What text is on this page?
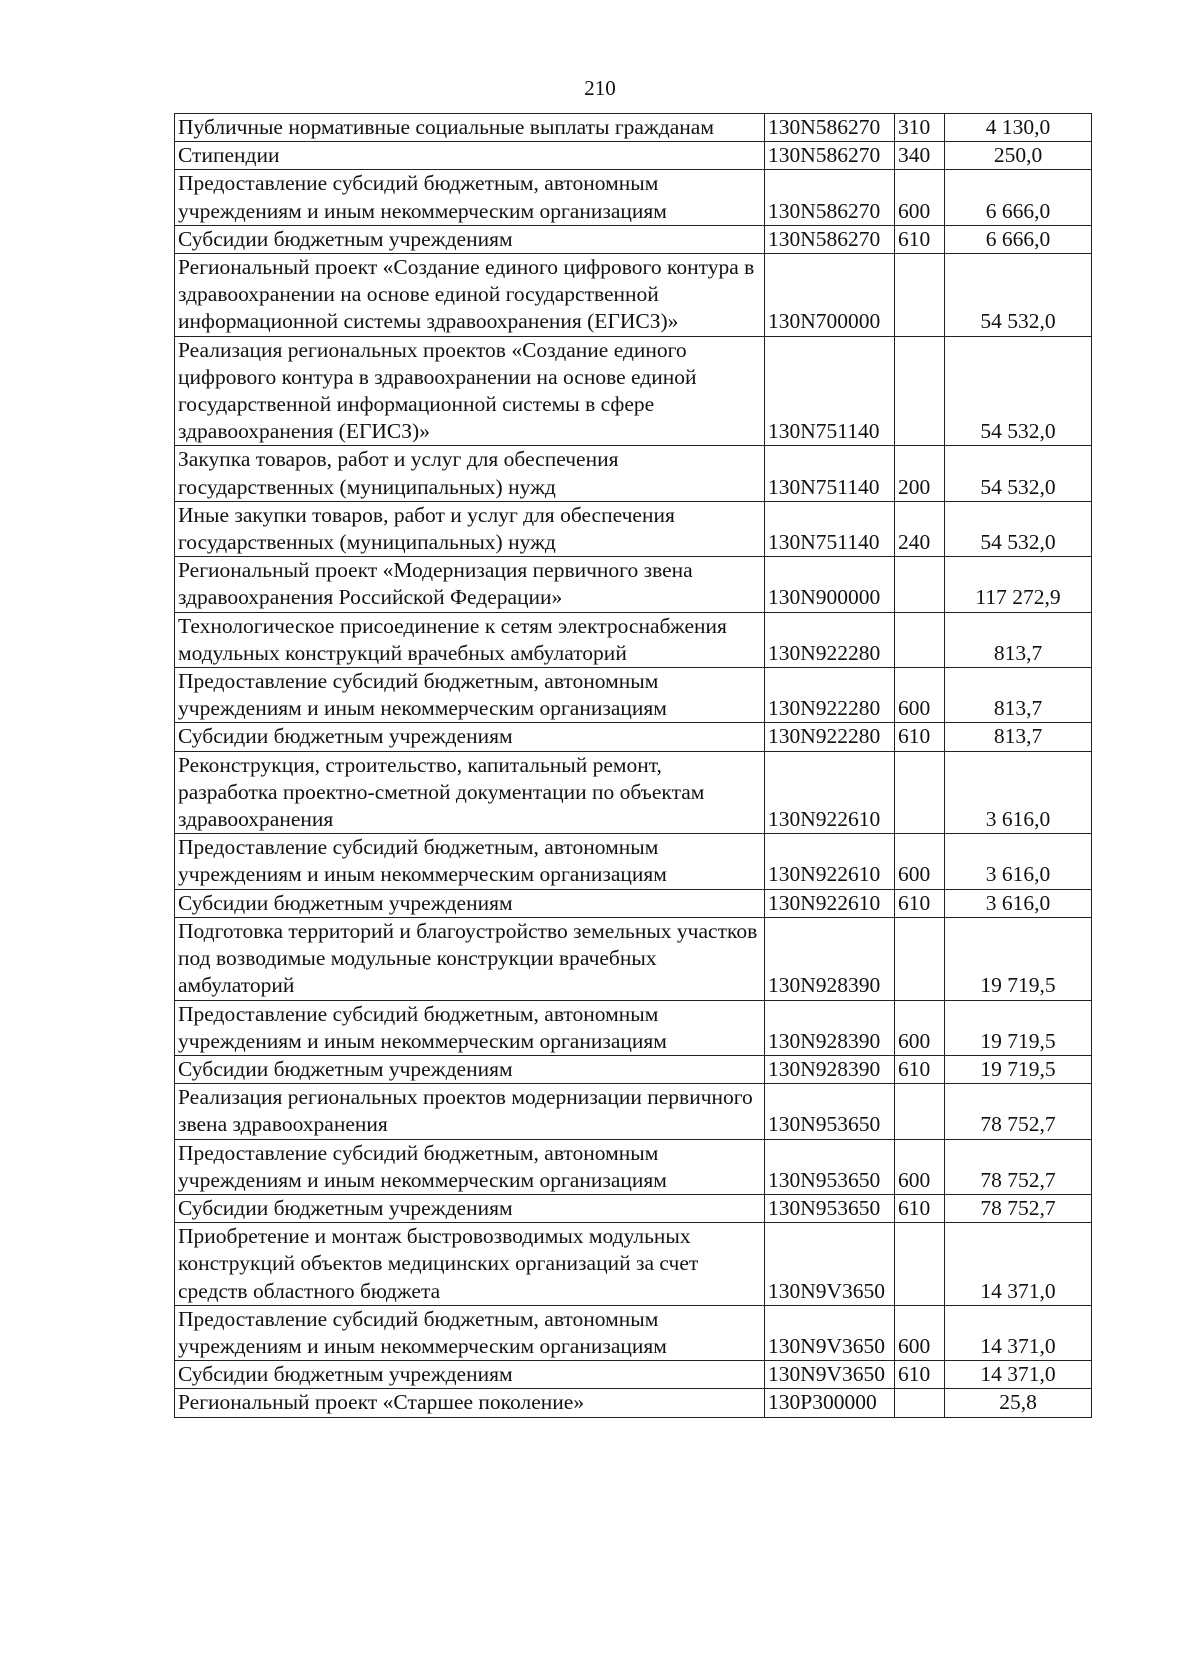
210
Публичные нормативные социальные выплаты гражданам	130N586270	310	4 130,0
Стипендии	130N586270	340	250,0
Предоставление субсидий бюджетным, автономным учреждениям и иным некоммерческим организациям	130N586270	600	6 666,0
Субсидии бюджетным учреждениям	130N586270	610	6 666,0
Региональный проект «Создание единого цифрового контура в здравоохранении на основе единой государственной информационной системы здравоохранения (ЕГИСЗ)»	130N700000		54 532,0
Реализация региональных проектов «Создание единого цифрового контура в здравоохранении на основе единой государственной информационной системы в сфере здравоохранения (ЕГИСЗ)»	130N751140		54 532,0
Закупка товаров, работ и услуг для обеспечения государственных (муниципальных) нужд	130N751140	200	54 532,0
Иные закупки товаров, работ и услуг для обеспечения государственных (муниципальных) нужд	130N751140	240	54 532,0
Региональный проект «Модернизация первичного звена здравоохранения Российской Федерации»	130N900000		117 272,9
Технологическое присоединение к сетям электроснабжения модульных конструкций врачебных амбулаторий	130N922280		813,7
Предоставление субсидий бюджетным, автономным учреждениям и иным некоммерческим организациям	130N922280	600	813,7
Субсидии бюджетным учреждениям	130N922280	610	813,7
Реконструкция, строительство, капитальный ремонт, разработка проектно-сметной документации по объектам здравоохранения	130N922610		3 616,0
Предоставление субсидий бюджетным, автономным учреждениям и иным некоммерческим организациям	130N922610	600	3 616,0
Субсидии бюджетным учреждениям	130N922610	610	3 616,0
Подготовка территорий и благоустройство земельных участков под возводимые модульные конструкции врачебных амбулаторий	130N928390		19 719,5
Предоставление субсидий бюджетным, автономным учреждениям и иным некоммерческим организациям	130N928390	600	19 719,5
Субсидии бюджетным учреждениям	130N928390	610	19 719,5
Реализация региональных проектов модернизации первичного звена здравоохранения	130N953650		78 752,7
Предоставление субсидий бюджетным, автономным учреждениям и иным некоммерческим организациям	130N953650	600	78 752,7
Субсидии бюджетным учреждениям	130N953650	610	78 752,7
Приобретение и монтаж быстровозводимых модульных конструкций объектов медицинских организаций за счет средств областного бюджета	130N9V3650		14 371,0
Предоставление субсидий бюджетным, автономным учреждениям и иным некоммерческим организациям	130N9V3650	600	14 371,0
Субсидии бюджетным учреждениям	130N9V3650	610	14 371,0
Региональный проект «Старшее поколение»	130P300000		25,8
